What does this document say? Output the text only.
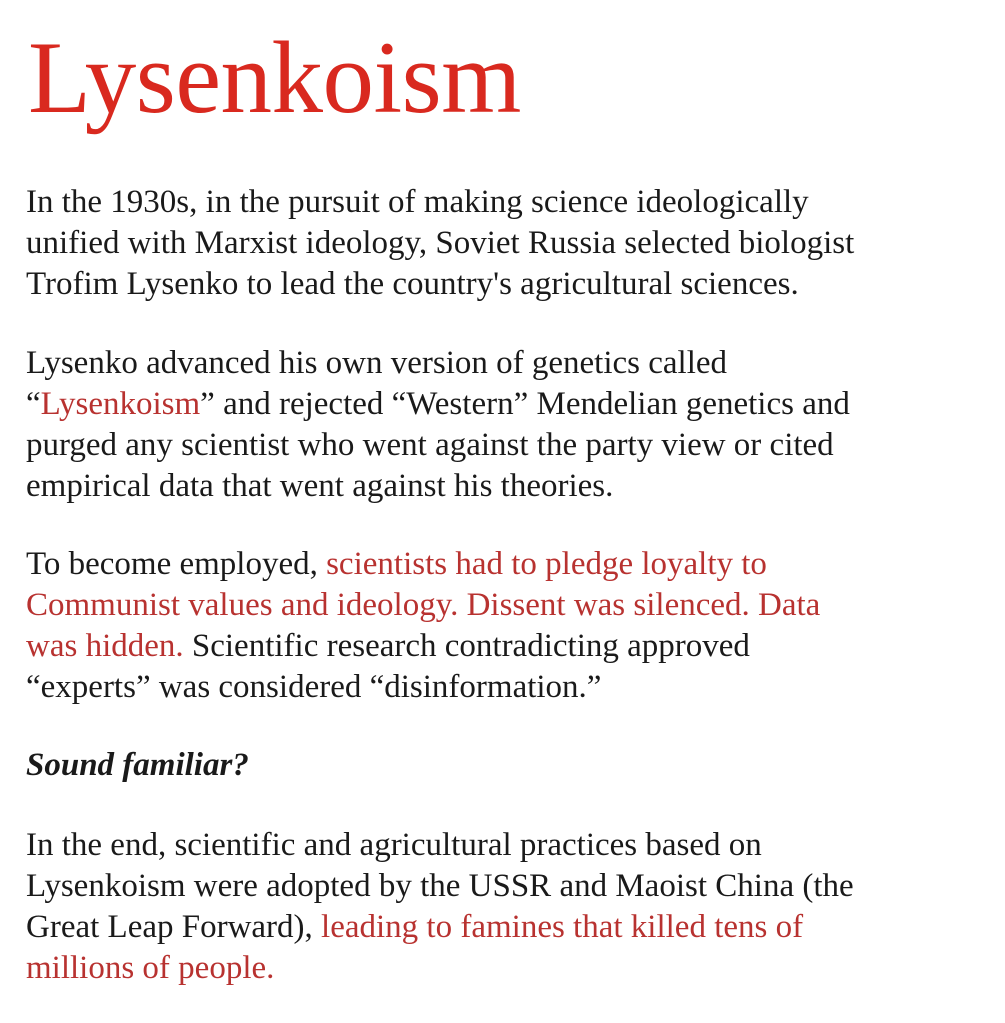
Lysenkoism

In the 1930s, in the pursuit of making science ideologically
unified with Marxist ideology, Soviet Russia selected biologist
Trofim Lysenko to lead the country's agricultural sciences.

Lysenko advanced his own version of genetics called
“Lysenkoism” and rejected “Western” Mendelian genetics and
purged any scientist who went against the party view or cited
empirical data that went against his theories.

To become employed, scientists had to pledge loyalty to
Communist values and ideology. Dissent was silenced. Data
was hidden. Scientific research contradicting approved
“experts” was considered “disinformation.”

Sound familiar?

In the end, scientific and agricultural practices based on
Lysenkoism were adopted by the USSR and Maoist China (the
Great Leap Forward), leading to famines that killed tens of
millions of people.
